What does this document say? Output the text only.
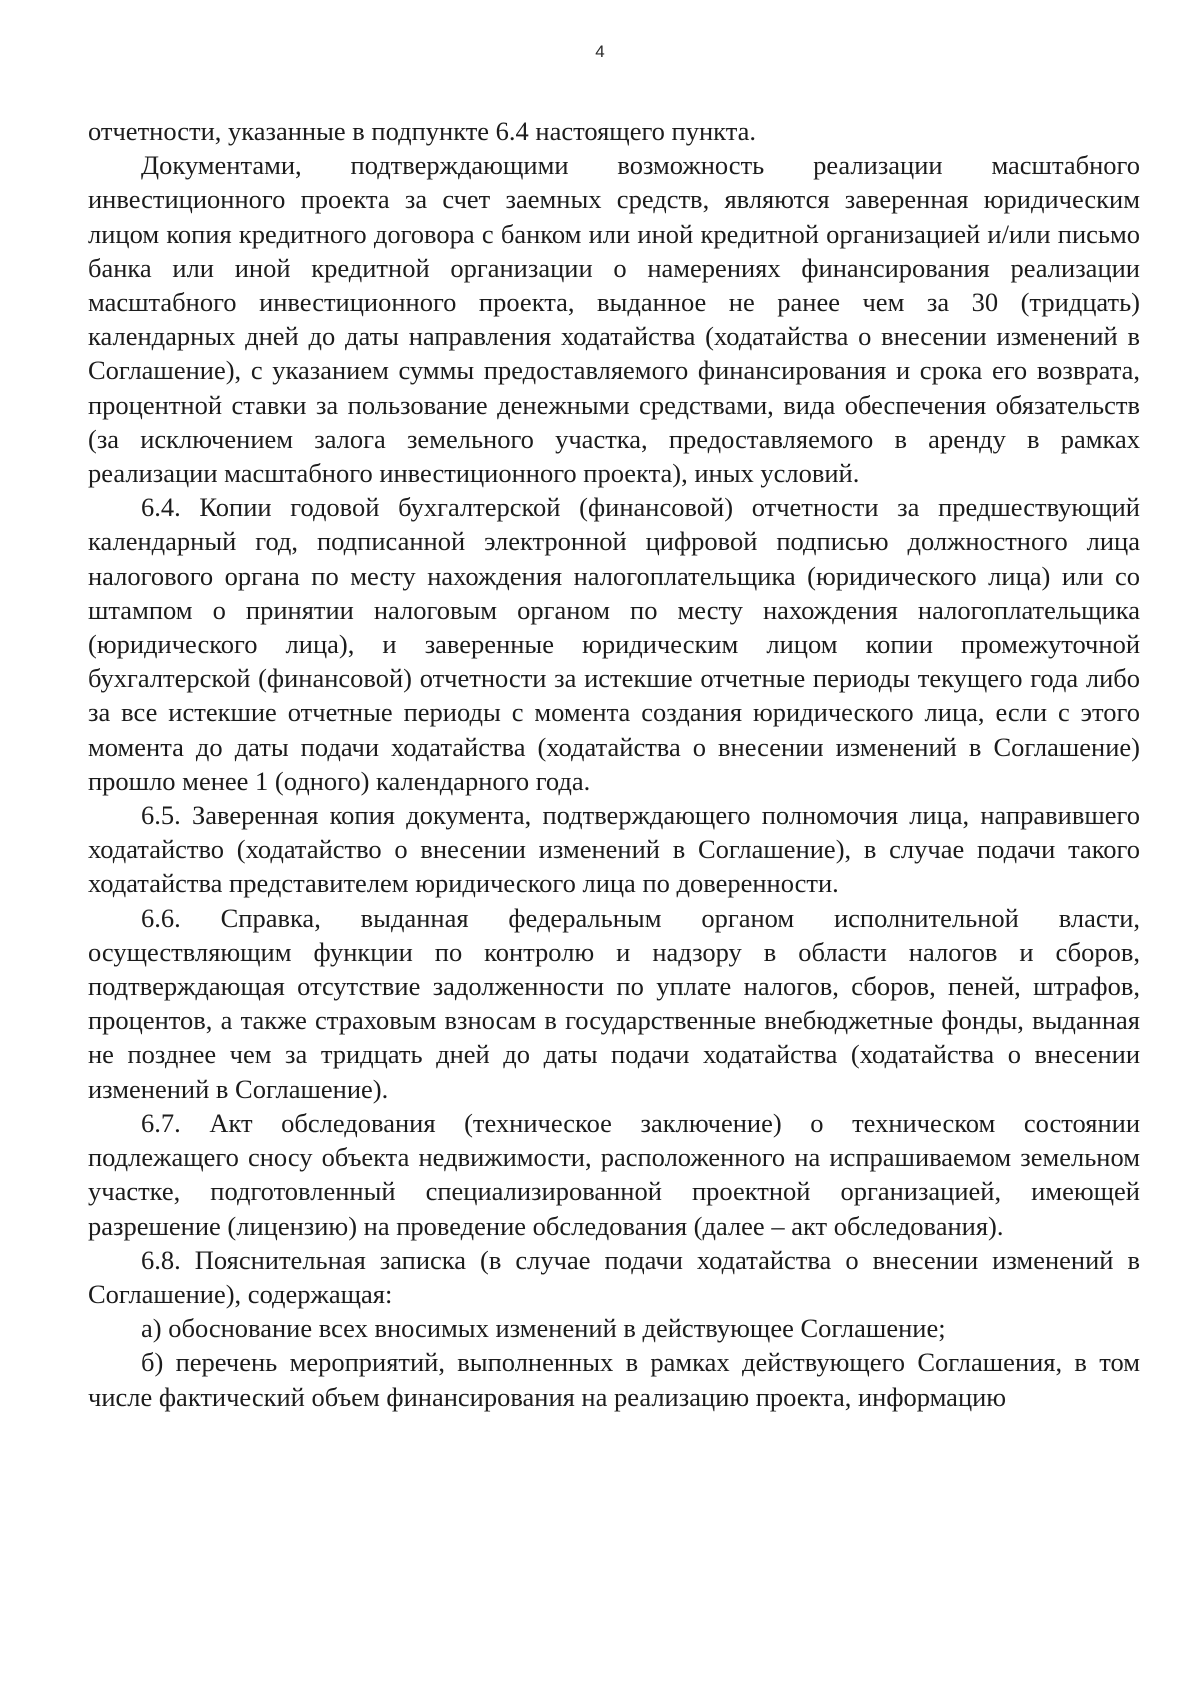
4

отчетности, указанные в подпункте 6.4 настоящего пункта.

Документами, подтверждающими возможность реализации масштабного инвестиционного проекта за счет заемных средств, являются заверенная юридическим лицом копия кредитного договора с банком или иной кредитной организацией и/или письмо банка или иной кредитной организации о намерениях финансирования реализации масштабного инвестиционного проекта, выданное не ранее чем за 30 (тридцать) календарных дней до даты направления ходатайства (ходатайства о внесении изменений в Соглашение), с указанием суммы предоставляемого финансирования и срока его возврата, процентной ставки за пользование денежными средствами, вида обеспечения обязательств (за исключением залога земельного участка, предоставляемого в аренду в рамках реализации масштабного инвестиционного проекта), иных условий.

6.4. Копии годовой бухгалтерской (финансовой) отчетности за предшествующий календарный год, подписанной электронной цифровой подписью должностного лица налогового органа по месту нахождения налогоплательщика (юридического лица) или со штампом о принятии налоговым органом по месту нахождения налогоплательщика (юридического лица), и заверенные юридическим лицом копии промежуточной бухгалтерской (финансовой) отчетности за истекшие отчетные периоды текущего года либо за все истекшие отчетные периоды с момента создания юридического лица, если с этого момента до даты подачи ходатайства (ходатайства о внесении изменений в Соглашение) прошло менее 1 (одного) календарного года.

6.5. Заверенная копия документа, подтверждающего полномочия лица, направившего ходатайство (ходатайство о внесении изменений в Соглашение), в случае подачи такого ходатайства представителем юридического лица по доверенности.

6.6. Справка, выданная федеральным органом исполнительной власти, осуществляющим функции по контролю и надзору в области налогов и сборов, подтверждающая отсутствие задолженности по уплате налогов, сборов, пеней, штрафов, процентов, а также страховым взносам в государственные внебюджетные фонды, выданная не позднее чем за тридцать дней до даты подачи ходатайства (ходатайства о внесении изменений в Соглашение).

6.7. Акт обследования (техническое заключение) о техническом состоянии подлежащего сносу объекта недвижимости, расположенного на испрашиваемом земельном участке, подготовленный специализированной проектной организацией, имеющей разрешение (лицензию) на проведение обследования (далее – акт обследования).

6.8. Пояснительная записка (в случае подачи ходатайства о внесении изменений в Соглашение), содержащая:

а) обоснование всех вносимых изменений в действующее Соглашение;

б) перечень мероприятий, выполненных в рамках действующего Соглашения, в том числе фактический объем финансирования на реализацию проекта, информацию
